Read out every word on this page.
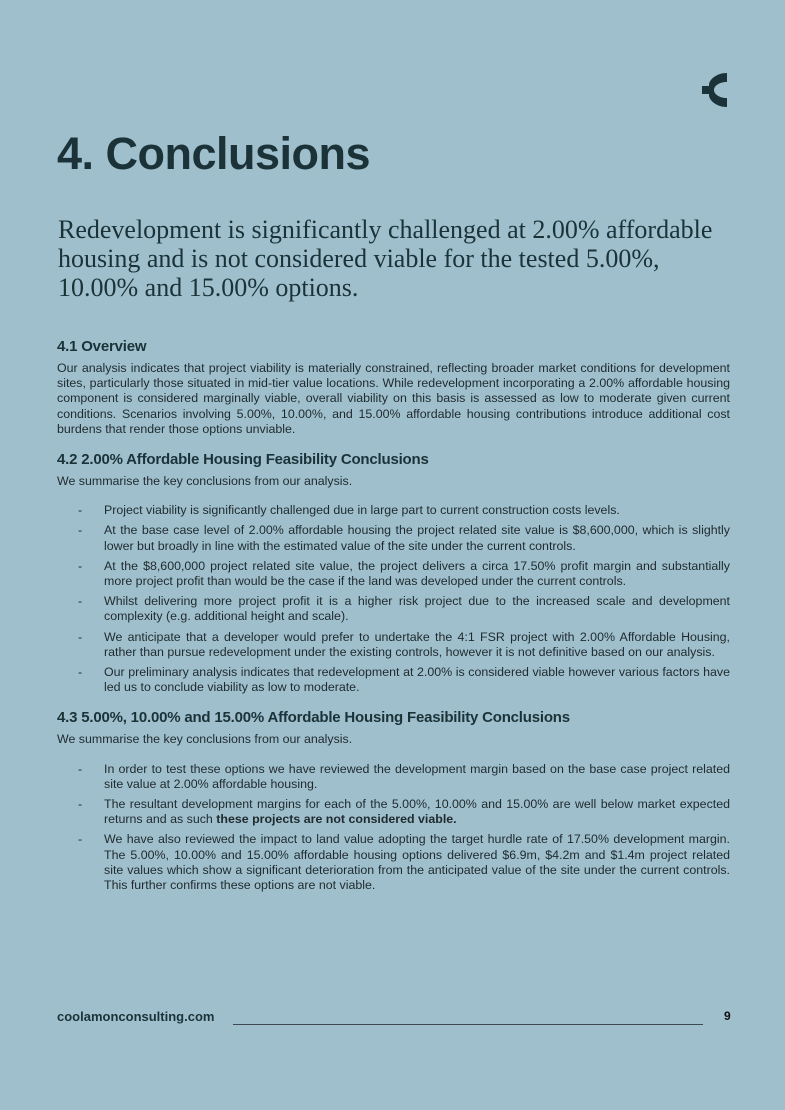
4. Conclusions

Redevelopment is significantly challenged at 2.00% affordable housing and is not considered viable for the tested 5.00%, 10.00% and 15.00% options.

4.1 Overview

Our analysis indicates that project viability is materially constrained, reflecting broader market conditions for development sites, particularly those situated in mid-tier value locations. While redevelopment incorporating a 2.00% affordable housing component is considered marginally viable, overall viability on this basis is assessed as low to moderate given current conditions. Scenarios involving 5.00%, 10.00%, and 15.00% affordable housing contributions introduce additional cost burdens that render those options unviable.

4.2 2.00% Affordable Housing Feasibility Conclusions

We summarise the key conclusions from our analysis.

- Project viability is significantly challenged due in large part to current construction costs levels.
- At the base case level of 2.00% affordable housing the project related site value is $8,600,000, which is slightly lower but broadly in line with the estimated value of the site under the current controls.
- At the $8,600,000 project related site value, the project delivers a circa 17.50% profit margin and substantially more project profit than would be the case if the land was developed under the current controls.
- Whilst delivering more project profit it is a higher risk project due to the increased scale and development complexity (e.g. additional height and scale).
- We anticipate that a developer would prefer to undertake the 4:1 FSR project with 2.00% Affordable Housing, rather than pursue redevelopment under the existing controls, however it is not definitive based on our analysis.
- Our preliminary analysis indicates that redevelopment at 2.00% is considered viable however various factors have led us to conclude viability as low to moderate.
4.3 5.00%, 10.00% and 15.00% Affordable Housing Feasibility Conclusions

We summarise the key conclusions from our analysis.

- In order to test these options we have reviewed the development margin based on the base case project related site value at 2.00% affordable housing.
- The resultant development margins for each of the 5.00%, 10.00% and 15.00% are well below market expected returns and as such these projects are not considered viable.
- We have also reviewed the impact to land value adopting the target hurdle rate of 17.50% development margin. The 5.00%, 10.00% and 15.00% affordable housing options delivered $6.9m, $4.2m and $1.4m project related site values which show a significant deterioration from the anticipated value of the site under the current controls. This further confirms these options are not viable.
coolamonconsulting.com	9
